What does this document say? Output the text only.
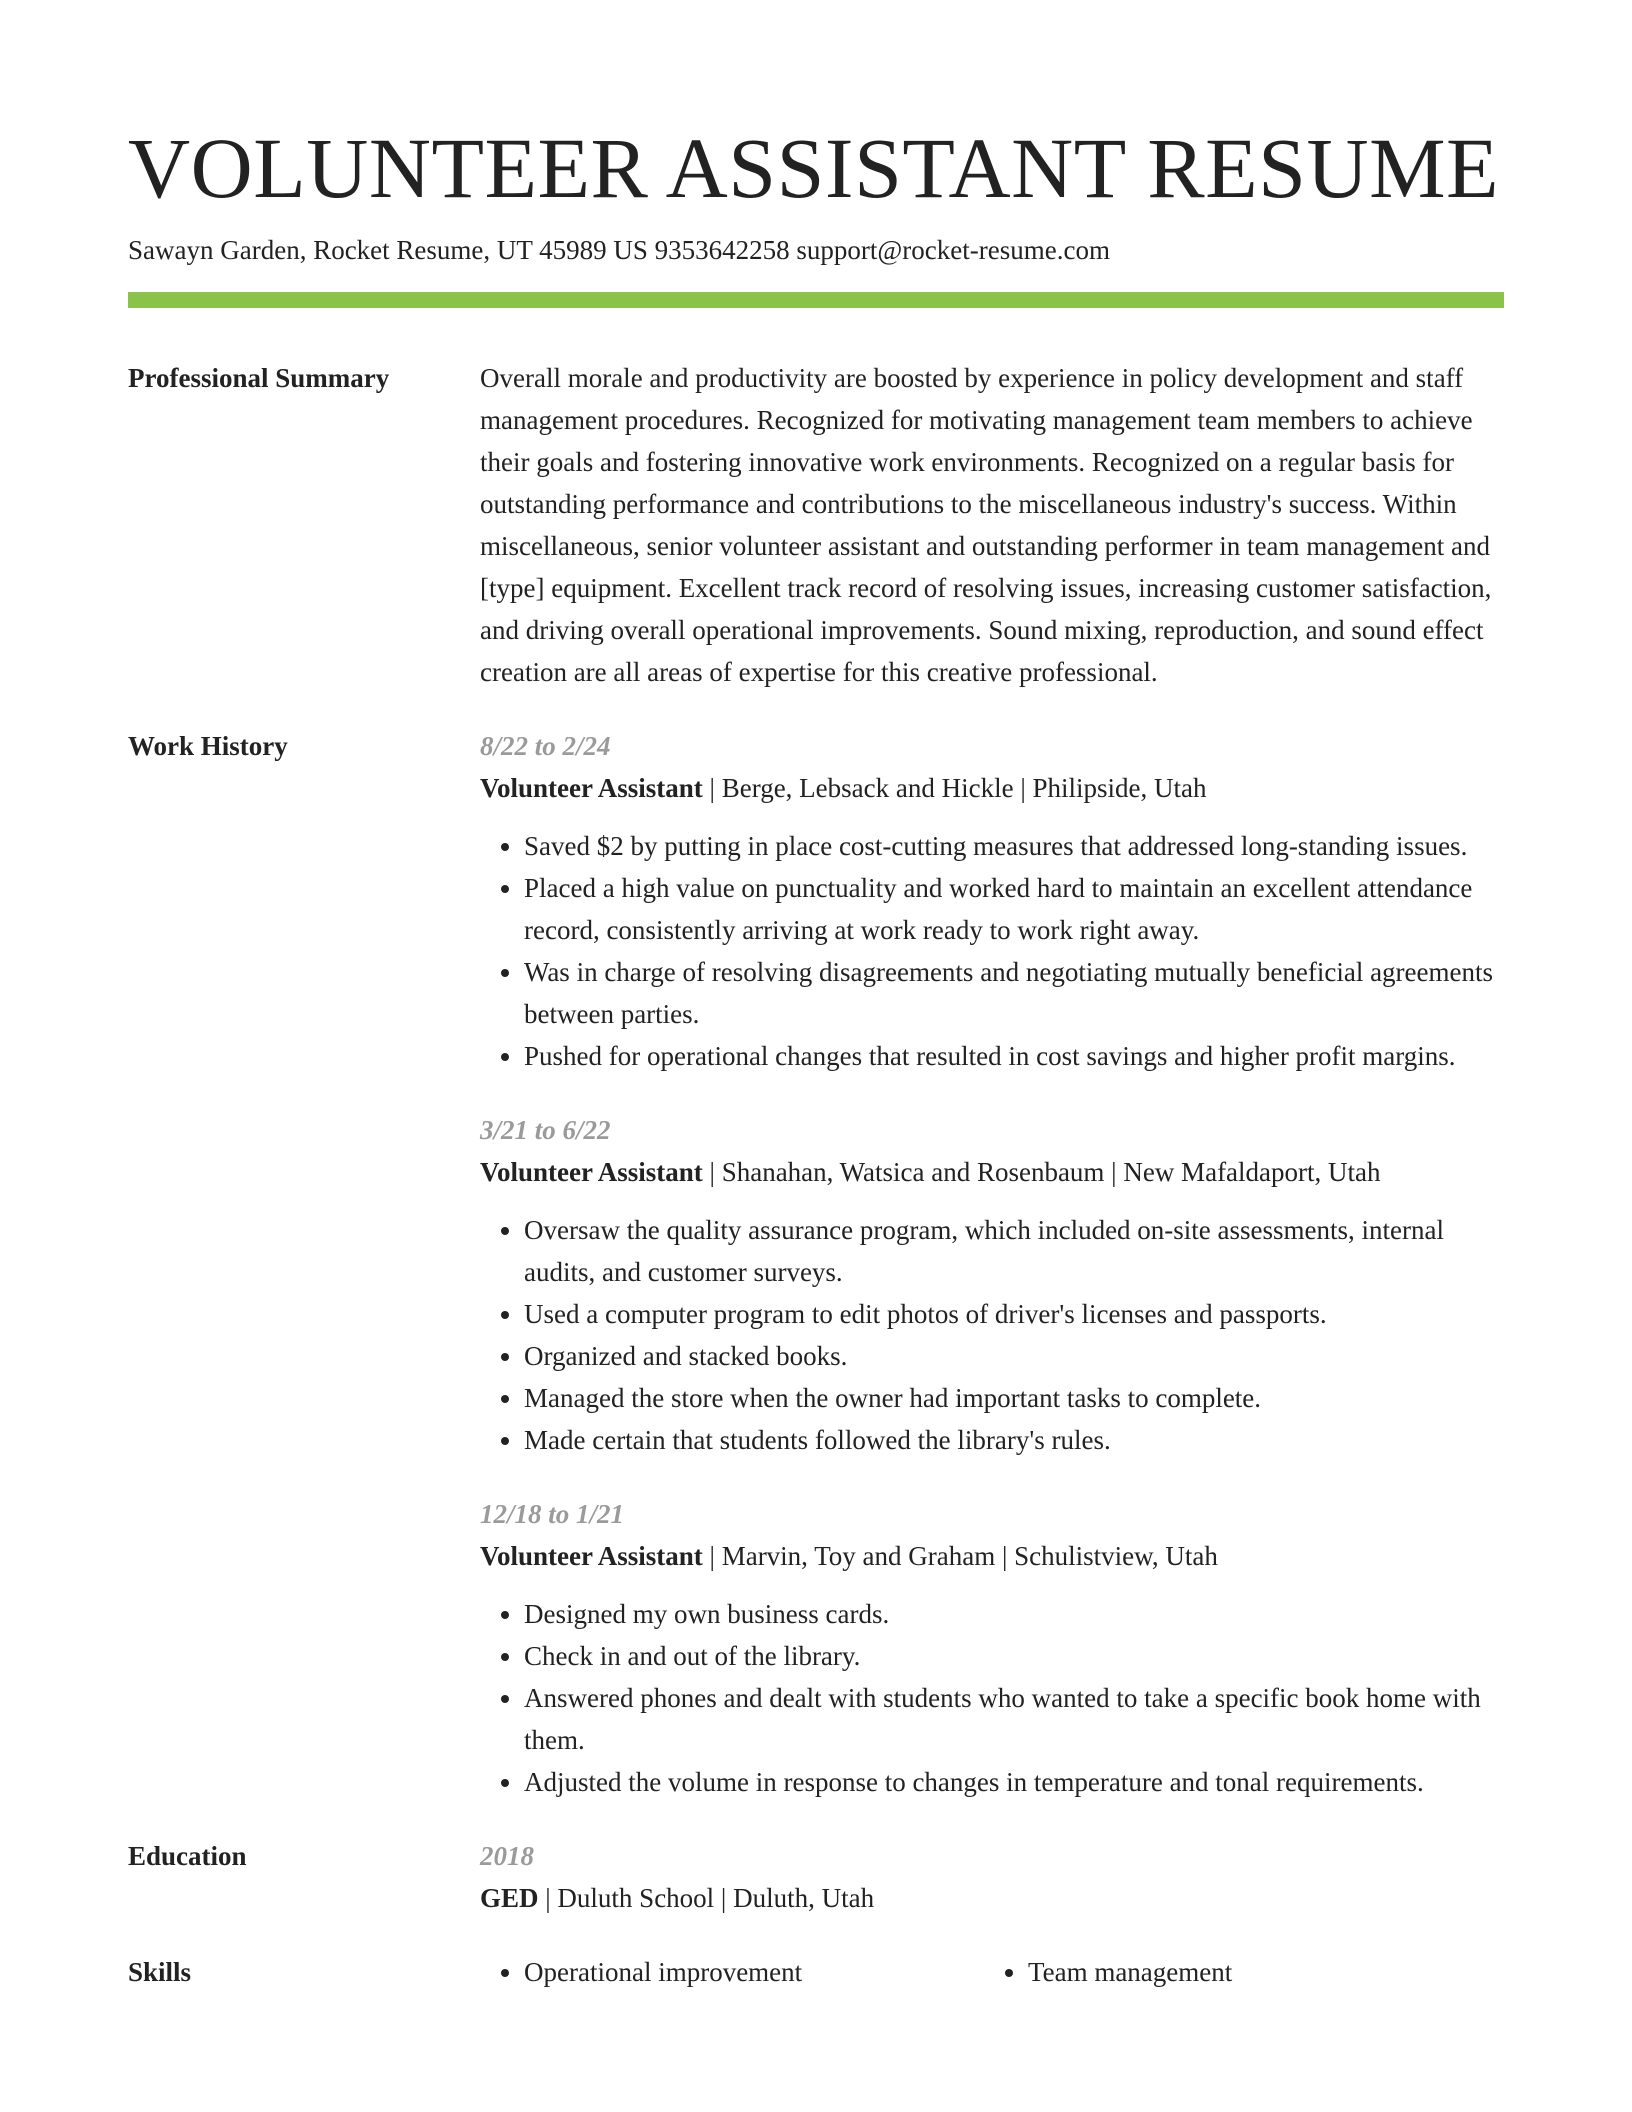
VOLUNTEER ASSISTANT RESUME
Sawayn Garden, Rocket Resume, UT 45989 US 9353642258 support@rocket-resume.com
Professional Summary	Overall morale and productivity are boosted by experience in policy development and staff management procedures. Recognized for motivating management team members to achieve their goals and fostering innovative work environments. Recognized on a regular basis for outstanding performance and contributions to the miscellaneous industry's success. Within miscellaneous, senior volunteer assistant and outstanding performer in team management and [type] equipment. Excellent track record of resolving issues, increasing customer satisfaction, and driving overall operational improvements. Sound mixing, reproduction, and sound effect creation are all areas of expertise for this creative professional.
Work History	8/22 to 2/24
Volunteer Assistant | Berge, Lebsack and Hickle | Philipside, Utah
• Saved $2 by putting in place cost-cutting measures that addressed long-standing issues.
• Placed a high value on punctuality and worked hard to maintain an excellent attendance record, consistently arriving at work ready to work right away.
• Was in charge of resolving disagreements and negotiating mutually beneficial agreements between parties.
• Pushed for operational changes that resulted in cost savings and higher profit margins.
3/21 to 6/22
Volunteer Assistant | Shanahan, Watsica and Rosenbaum | New Mafaldaport, Utah
• Oversaw the quality assurance program, which included on-site assessments, internal audits, and customer surveys.
• Used a computer program to edit photos of driver's licenses and passports.
• Organized and stacked books.
• Managed the store when the owner had important tasks to complete.
• Made certain that students followed the library's rules.
12/18 to 1/21
Volunteer Assistant | Marvin, Toy and Graham | Schulistview, Utah
• Designed my own business cards.
• Check in and out of the library.
• Answered phones and dealt with students who wanted to take a specific book home with them.
• Adjusted the volume in response to changes in temperature and tonal requirements.
Education	2018
GED | Duluth School | Duluth, Utah
Skills	• Operational improvement	• Team management
